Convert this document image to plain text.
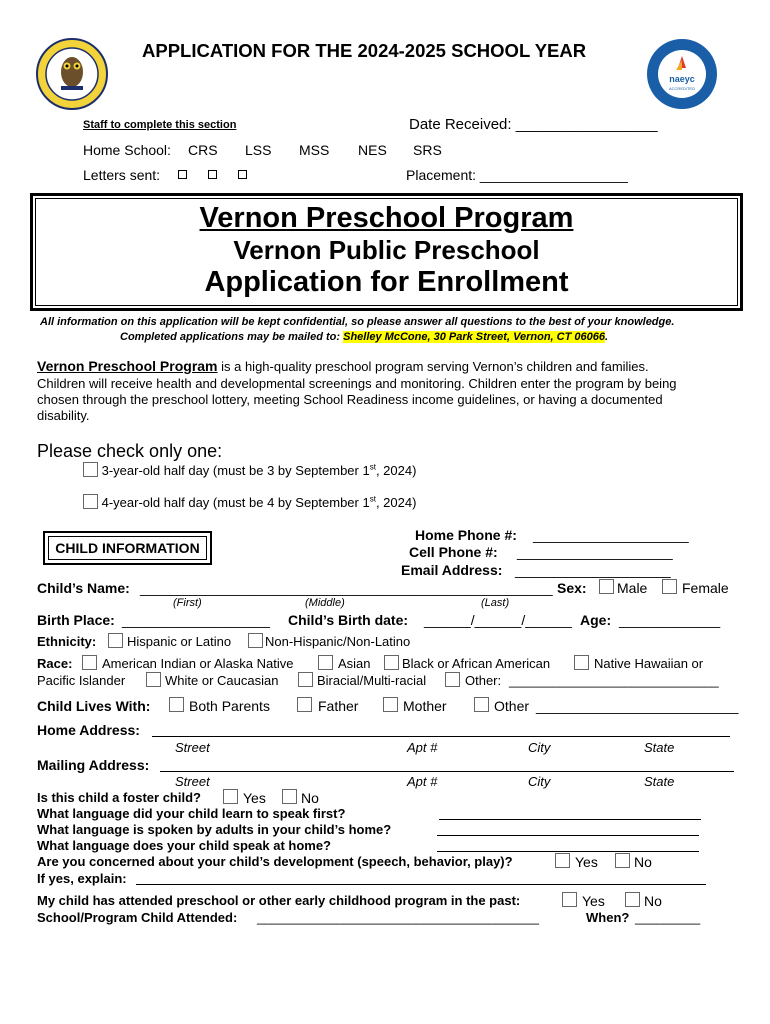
naeyc
ACCREDITED
APPLICATION FOR THE 2024-2025 SCHOOL YEAR
Staff to complete this section	Date Received: _________________
Home School: CRS LSS MSS NES SRS
Letters sent:	Placement: ___________________
Vernon Preschool Program
Vernon Public Preschool
Application for Enrollment
All information on this application will be kept confidential, so please answer all questions to the best of your knowledge.
Completed applications may be mailed to: Shelley McCone, 30 Park Street, Vernon, CT 06066.
Vernon Preschool Program is a high-quality preschool program serving Vernon’s children and families.
Children will receive health and developmental screenings and monitoring. Children enter the program by being
chosen through the preschool lottery, meeting School Readiness income guidelines, or having a documented
disability.
Please check only one:
3-year-old half day (must be 3 by September 1st, 2024)
4-year-old half day (must be 4 by September 1st, 2024)
CHILD INFORMATION
Home Phone #: ____________________
Cell Phone #: ____________________
Email Address: ____________________
Child’s Name: _____________________________________________________ Sex: Male Female
(First)	(Middle)	(Last)
Birth Place: ___________________ Child’s Birth date: ______/______/______ Age: _____________
Ethnicity: Hispanic or Latino	Non-Hispanic/Non-Latino
Race: American Indian or Alaska Native	Asian Black or African American	Native Hawaiian or
Pacific Islander	White or Caucasian	Biracial/Multi-racial	Other: _____________________________
Child Lives With:	Both Parents	Father	Mother	Other __________________________
Home Address:
Street	Apt #	City	State
Mailing Address:
Street	Apt #	City	State
Is this child a foster child?	Yes	No
What language did your child learn to speak first?
What language is spoken by adults in your child’s home?
What language does your child speak at home?
Are you concerned about your child’s development (speech, behavior, play)?	Yes	No
If yes, explain:
My child has attended preschool or other early childhood program in the past:	Yes	No
School/Program Child Attended: _______________________________________	When? _________
